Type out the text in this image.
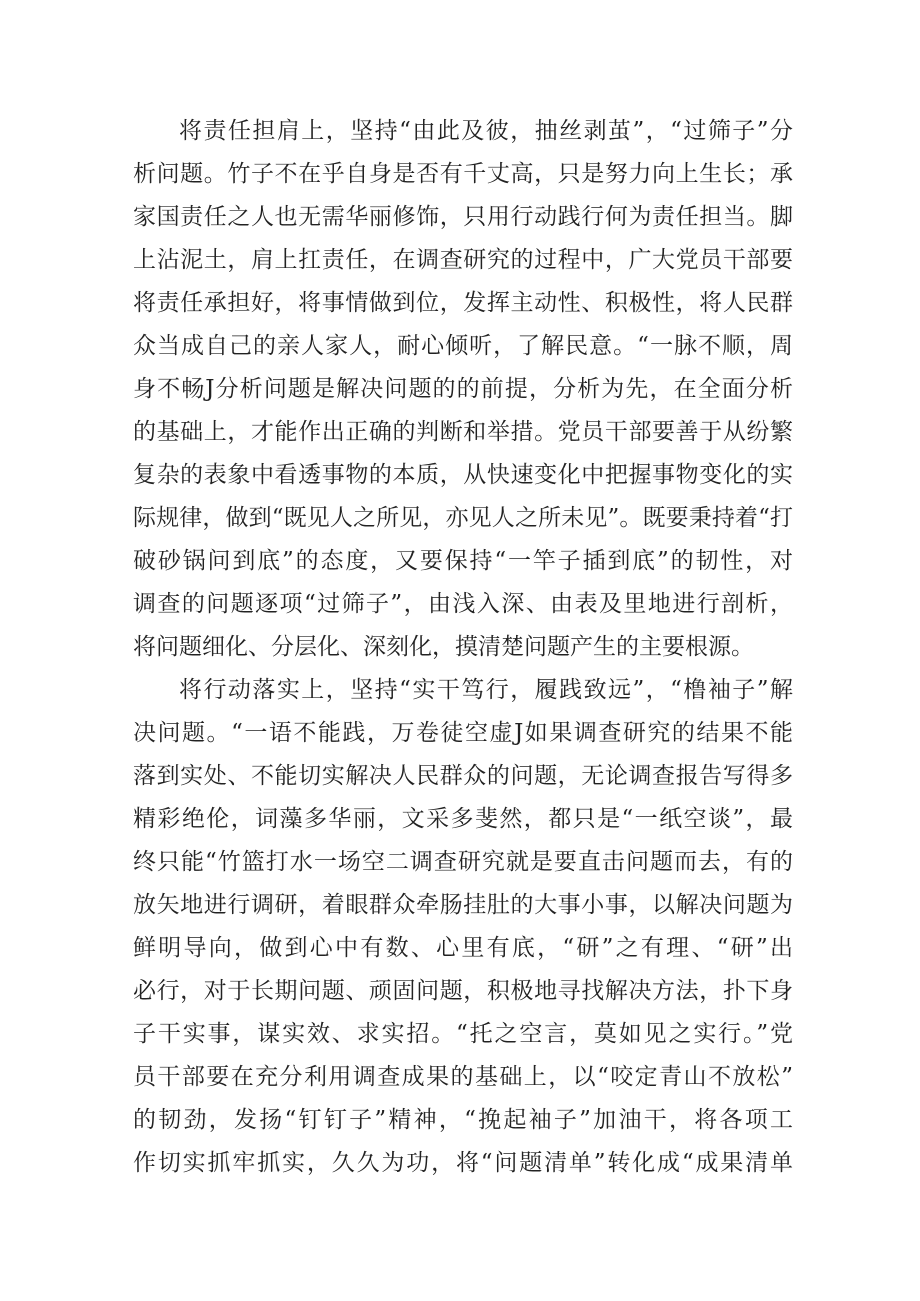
将责任担肩上，坚持“由此及彼，抽丝剥茧”，“过筛子”分
析问题。竹子不在乎自身是否有千丈高，只是努力向上生长；承
家国责任之人也无需华丽修饰，只用行动践行何为责任担当。脚
上沾泥土，肩上扛责任，在调查研究的过程中，广大党员干部要
将责任承担好，将事情做到位，发挥主动性、积极性，将人民群
众当成自己的亲人家人，耐心倾听，了解民意。“一脉不顺，周
身不畅J分析问题是解决问题的的前提，分析为先，在全面分析
的基础上，才能作出正确的判断和举措。党员干部要善于从纷繁
复杂的表象中看透事物的本质，从快速变化中把握事物变化的实
际规律，做到“既见人之所见，亦见人之所未见”。既要秉持着“打
破砂锅问到底”的态度，又要保持“一竿子插到底”的韧性，对
调查的问题逐项“过筛子”，由浅入深、由表及里地进行剖析，
将问题细化、分层化、深刻化，摸清楚问题产生的主要根源。
将行动落实上，坚持“实干笃行，履践致远”，“橹袖子”解
决问题。“一语不能践，万卷徒空虚J如果调查研究的结果不能
落到实处、不能切实解决人民群众的问题，无论调查报告写得多
精彩绝伦，词藻多华丽，文采多斐然，都只是“一纸空谈”，最
终只能“竹篮打水一场空二调查研究就是要直击问题而去，有的
放矢地进行调研，着眼群众牵肠挂肚的大事小事，以解决问题为
鲜明导向，做到心中有数、心里有底，“研”之有理、“研”出
必行，对于长期问题、顽固问题，积极地寻找解决方法，扑下身
子干实事，谋实效、求实招。“托之空言，莫如见之实行。”党
员干部要在充分利用调查成果的基础上，以“咬定青山不放松”
的韧劲，发扬“钉钉子”精神，“挽起袖子”加油干，将各项工
作切实抓牢抓实，久久为功，将“问题清单”转化成“成果清单
